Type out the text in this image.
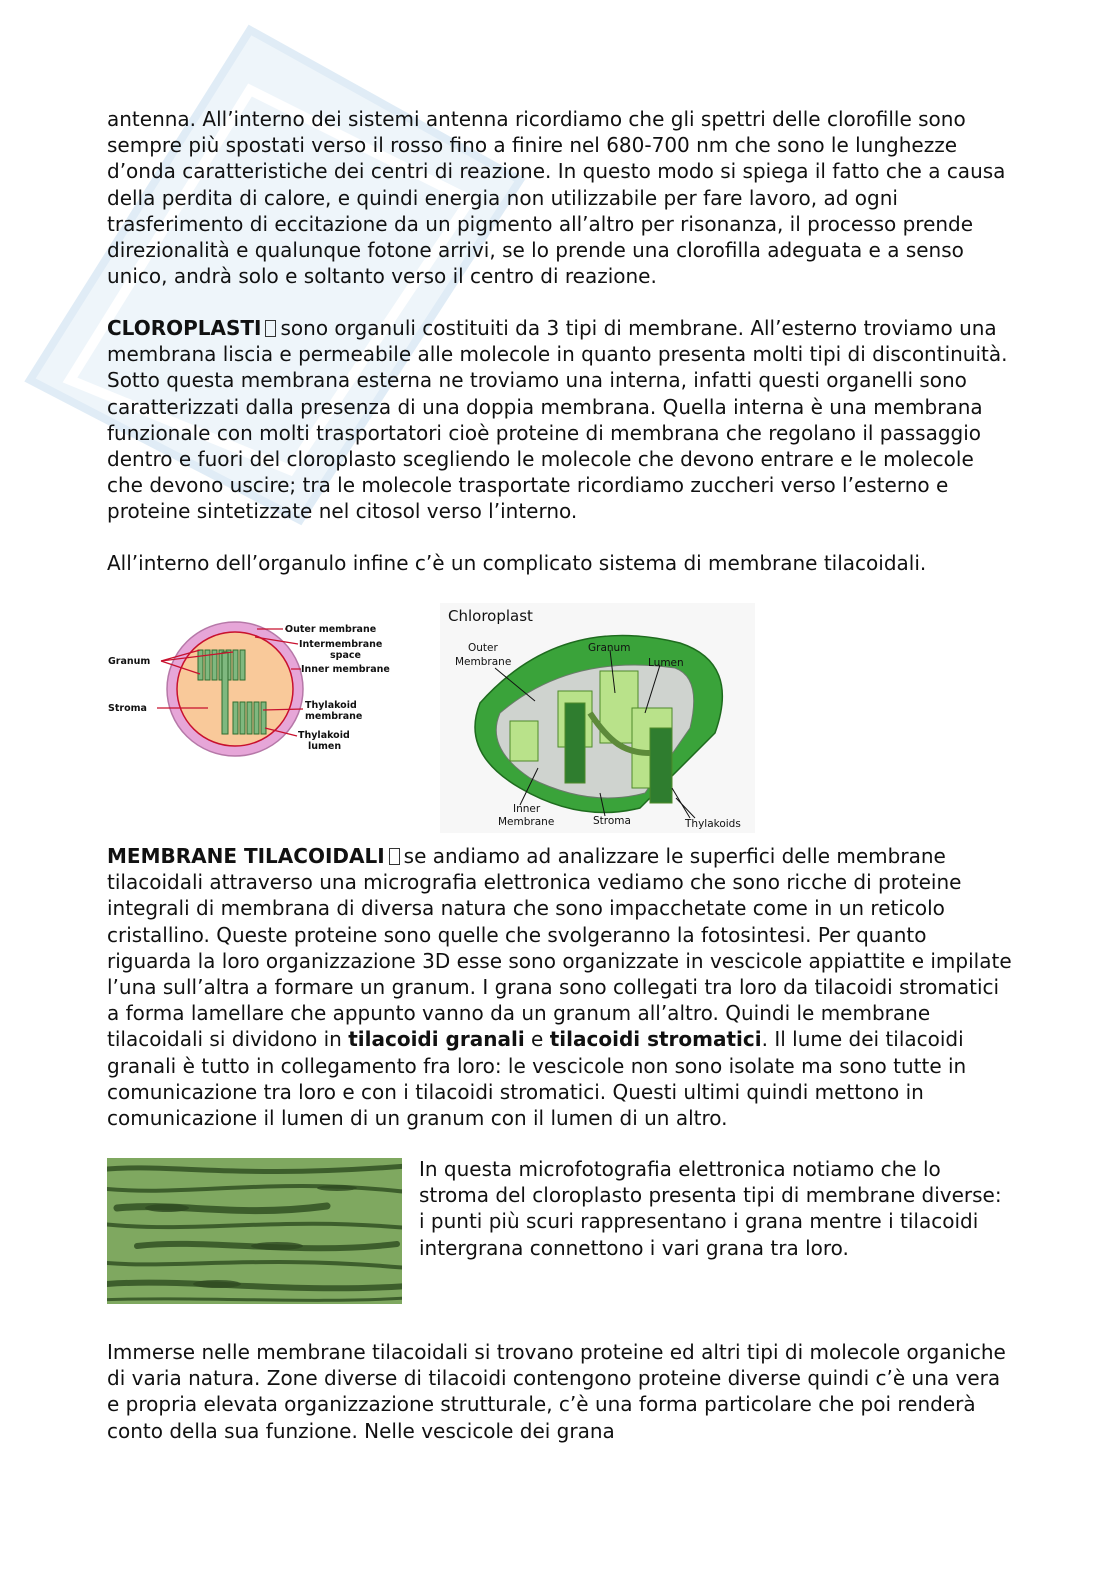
antenna. All’interno dei sistemi antenna ricordiamo che gli spettri delle clorofille sono sempre più spostati verso il rosso fino a finire nel 680-700 nm che sono le lunghezze d’onda caratteristiche dei centri di reazione. In questo modo si spiega il fatto che a causa della perdita di calore, e quindi energia non utilizzabile per fare lavoro, ad ogni trasferimento di eccitazione da un pigmento all’altro per risonanza, il processo prende direzionalità e qualunque fotone arrivi, se lo prende una clorofilla adeguata e a senso unico, andrà solo e soltanto verso il centro di reazione.

CLOROPLASTI sono organuli costituiti da 3 tipi di membrane. All’esterno troviamo una membrana liscia e permeabile alle molecole in quanto presenta molti tipi di discontinuità. Sotto questa membrana esterna ne troviamo una interna, infatti questi organelli sono caratterizzati dalla presenza di una doppia membrana. Quella interna è una membrana funzionale con molti trasportatori cioè proteine di membrana che regolano il passaggio dentro e fuori del cloroplasto scegliendo le molecole che devono entrare e le molecole che devono uscire; tra le molecole trasportate ricordiamo zuccheri verso l’esterno e proteine sintetizzate nel citosol verso l’interno.

All’interno dell’organulo infine c’è un complicato sistema di membrane tilacoidali.

Outer membrane
Intermembrane
space
Inner membrane
Granum
Stroma	Thylakoid
membrane
Thylakoid
lumen
Chloroplast
Outer
Membrane
Granum
Lumen
Inner
Membrane	Stroma	Thylakoids

MEMBRANE TILACOIDALI se andiamo ad analizzare le superfici delle membrane tilacoidali attraverso una micrografia elettronica vediamo che sono ricche di proteine integrali di membrana di diversa natura che sono impacchetate come in un reticolo cristallino. Queste proteine sono quelle che svolgeranno la fotosintesi. Per quanto riguarda la loro organizzazione 3D esse sono organizzate in vescicole appiattite e impilate l’una sull’altra a formare un granum. I grana sono collegati tra loro da tilacoidi stromatici a forma lamellare che appunto vanno da un granum all’altro. Quindi le membrane tilacoidali si dividono in tilacoidi granali e tilacoidi stromatici. Il lume dei tilacoidi granali è tutto in collegamento fra loro: le vescicole non sono isolate ma sono tutte in comunicazione tra loro e con i tilacoidi stromatici. Questi ultimi quindi mettono in comunicazione il lumen di un granum con il lumen di un altro.

In questa microfotografia elettronica notiamo che lo stroma del cloroplasto presenta tipi di membrane diverse: i punti più scuri rappresentano i grana mentre i tilacoidi intergrana connettono i vari grana tra loro.

Immerse nelle membrane tilacoidali si trovano proteine ed altri tipi di molecole organiche di varia natura. Zone diverse di tilacoidi contengono proteine diverse quindi c’è una vera e propria elevata organizzazione strutturale, c’è una forma particolare che poi renderà conto della sua funzione. Nelle vescicole dei grana
